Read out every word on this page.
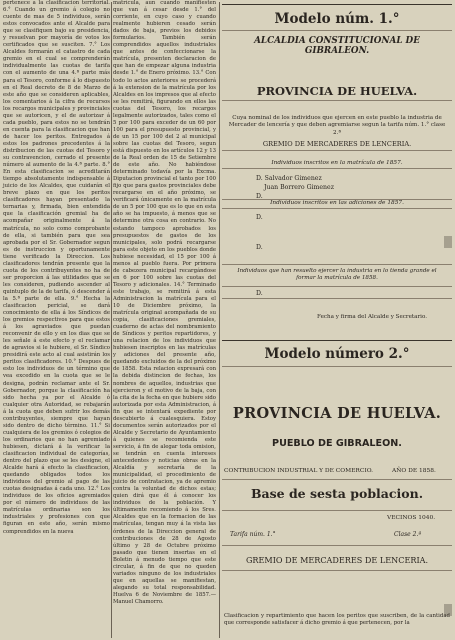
pertenece a la clasificacion territorial. 6.° Cuando un gremio á colegio no cuente de mas de 5 individuos, serán estos convocados ante el Alcalde para que se clasifiquen bajo su presidencia, y resuelvan por mayoría de votos los certificados que se susciten. 7.° Los Alcaldes formarán el catastro de cada gremio en el cual se comprenderán individualmente las cuotas de tarifa con el aumento de una 4.ª parte más para el Tesoro, conforme á lo dispuesto en el Real decreto de 8 de Marzo de este año que se consideren aplicables, los comentarios á la cifra de recursos los recargos municipales y provinciales que se autoricen, y el de autorizar á cada pueblo, para estos no se tendrán en cuenta para la clasificacion que han de hacer los peritos. Entregados á estos los padrones precedentes á la distribucion de las cuotas del Tesoro y su contravencion, cerrado el presente número al aumento de la 4.ª parte. 8.° En esta clasificacion se acreditarán tiempo absolutamente indispensable á juicio de los Alcaldes, que cuidarán el breve plazo en que los peritos clasificadores hayan presentado la ternarias y, firmada, bien entendida que la clasificación gremial ha de acompañar originalmente á la matrícula, no solo como comprobante de ella, si también para que sea aprobada por el Sr. Gobernador segun es de instruccion y oportunamente tiene verificado la Direccion. Los clasificadores tendrán presente que la cuota de los contribuyentes no ha de ser proporcion á las utilidades que se les consideren, pudiendo ascender al quintuplo de la de tarifa, ó descender á la 5.ª parte de ella. 9.° Hecha la clasificacion pericial, se dará conocimiento de ella á los Síndicos de los gremios respectivos para que estos á los agraviados que puedan reconvenir de ello y en los dias que se les señale á este efecto y el reclamar de agravios si le hubiere, el Sr. Síndico presidirá este acto al cual asistirán los peritos clasificadores. 10.° Despues de esto los individuos de un término que vea excedido en la cuota que se le designa, podrán reclamar ante el Sr. Gobernador, porque la clasificación ha sido hecha ya por el Alcalde ó cualquier otra Autoridad, se rebajarán á la cuota que deben sufrir los demás contribuyentes, siempre que hayan sido dentro de dicho término. 11.° Si cualquiera de los gremios ó colegios de los ordinarios que no han agremiado hubiesen, dictará á la verificar la clasificacion individual de categorías, dentro del plazo que se les designe, el Alcalde hará á efecto la clasificacion, quedando obligados todos los individuos del gremio al pago de las cuotas designadas á cada uno. 12.° Los individuos de los oficios agremiados por el número de individuos de las matrículas ordinarias son los industriales y profesiones con que figuran en este año, serán mismo comprendidos en la nueva
matrícula, aun cuando manifiesten que van á cesar desde 1.° del corriente, en cuyo caso y cuando realmente hubieren cesado serán dados de baja, previos los debidos formularios. También serán comprendidos aquellos industriales que antes de confeccionarse la matrícula, presenten declaracion de que han de empezar alguna industria desde 1.° de Enero próximo. 13.° Con todo lo actos anteriores se procederá á la extension de la matrícula por los Alcaldes en los impresos que al efecto se les remitirá, figurando en ellos las cuotas del Tesoro, los recargos legalmente autorizados, tales como el 5 por 100 para exceder de un 60 por 100 para el presupuesto provincial, y de un 15 por 100 del 2 al municipal sobre las cuotas del Tesoro, segun está dispuesto en los artículos 12 y 13 de la Real orden de 15 de Setiembre de este año. No habiéndose determinado todavía por la Excma. Diputacion provincial el tanto por 100 fijo que para gastos provinciales debe recargarse en el año próximo, se verificará únicamente en la matrícula de un 5 por 100 que es lo que en esta año se ha impuesto, á menos que se determine otra cosa en contrario. No estando tampoco aprobados los presupuestos de gastos de los municipales, solo podrá recargarse para este objeto en los pueblos donde hubiese necesidad, el 15 por 100 á menos al pueblo fuera. Por primera de cabezera municipal recargándose en 6 por 100 sobre las cuotas del Tesoro y adicionales. 14.° Terminado este trabajo, se remitirá á esta Administracion la matrícula para el 10 de Diciembre próximo, la matrícula original acompañada de su copia, clasificaciones gremiales, cuaderno de actas del nombramiento de Síndicos y peritos repartidores, y una relacion de los individuos que hubiesen inscriptos en las matrículas y adiciones del presente año, quedando excluidos de la del próximo de 1858. Esta relacion expresará con la debida distincion de fechas, los nombres de aquellos, industrias que ejercieron y el motivo de la baja, con la cita de la fecha en que hubiere sido autorizada por esta Administracion, á fin que se intentará expediente por descubierto á cualesquiera. Estoy documentos serán autorizados por el Alcalde y Secretario de Ayuntamiento á quienes se recomienda este servicio, á fin de alegar toda omision, se tendrán en cuenta intereses antecedentes y noticias obras en la Alcaldía y secretaría de la municipalidad, el procedimiento de juicio de contratacion, ya de apremio contra la voluntad de dichos estas; quien dirá que él á conocer los individuos de la población. Y últimamente recomiendo á los Sres. Alcaldes que en la formacion de las matrículas, tengan muy á la vista las órdenes de la Direccion general de contribuciones de 28 de Agosto último y 28 de Octubre próximo pasado que tienen insertas en el Boletin á menudo tiempo que este circular, á fin de que no queden variados ninguno de los industriales que en aquellas se manifiestan, alegando su total responsabilidad. Huelva 6 de Noviembre de 1857.—Manuel Chamorro.
Modelo núm. 1.°
ALCALDIA CONSTITUCIONAL DE GIBRALEON.
PROVINCIA DE HUELVA.
Cuya nominal de los individuos que ejercen en este pueblo la industria de Mercader de lencería y que deben agremiarse segun la tarifa núm. 1.° clase 2.ª
GREMIO DE MERCADERES DE LENCERIA.
Individuos inscritos en la matrícula de 1857.
D. Salvador Gimenez
Juan Borrero Gimenez
D.
Individuos inscritos en las adiciones de 1857.
D.
D.
Individuos que han resuelto ejercer la industria en lo tienda grande el formar la matrícula de 1858.
D.
Fecha y firma del Alcalde y Secretario.
Modelo número 2.°
PROVINCIA DE HUELVA.
PUEBLO DE GIBRALEON.
CONTRIBUCION INDUSTRIAL Y DE COMERCIO.	AÑO DE 1858.
Base de sesta poblacion.
VECINOS 1040.
Tarifa núm. 1.°	Clase 2.ª
GREMIO DE MERCADERES DE LENCERIA.
Clasificacion y repartimiento que hacen los peritos que suscriben, de la cantidad que corresponde satisfacer á dicho gremio á que pertenecen, por la
